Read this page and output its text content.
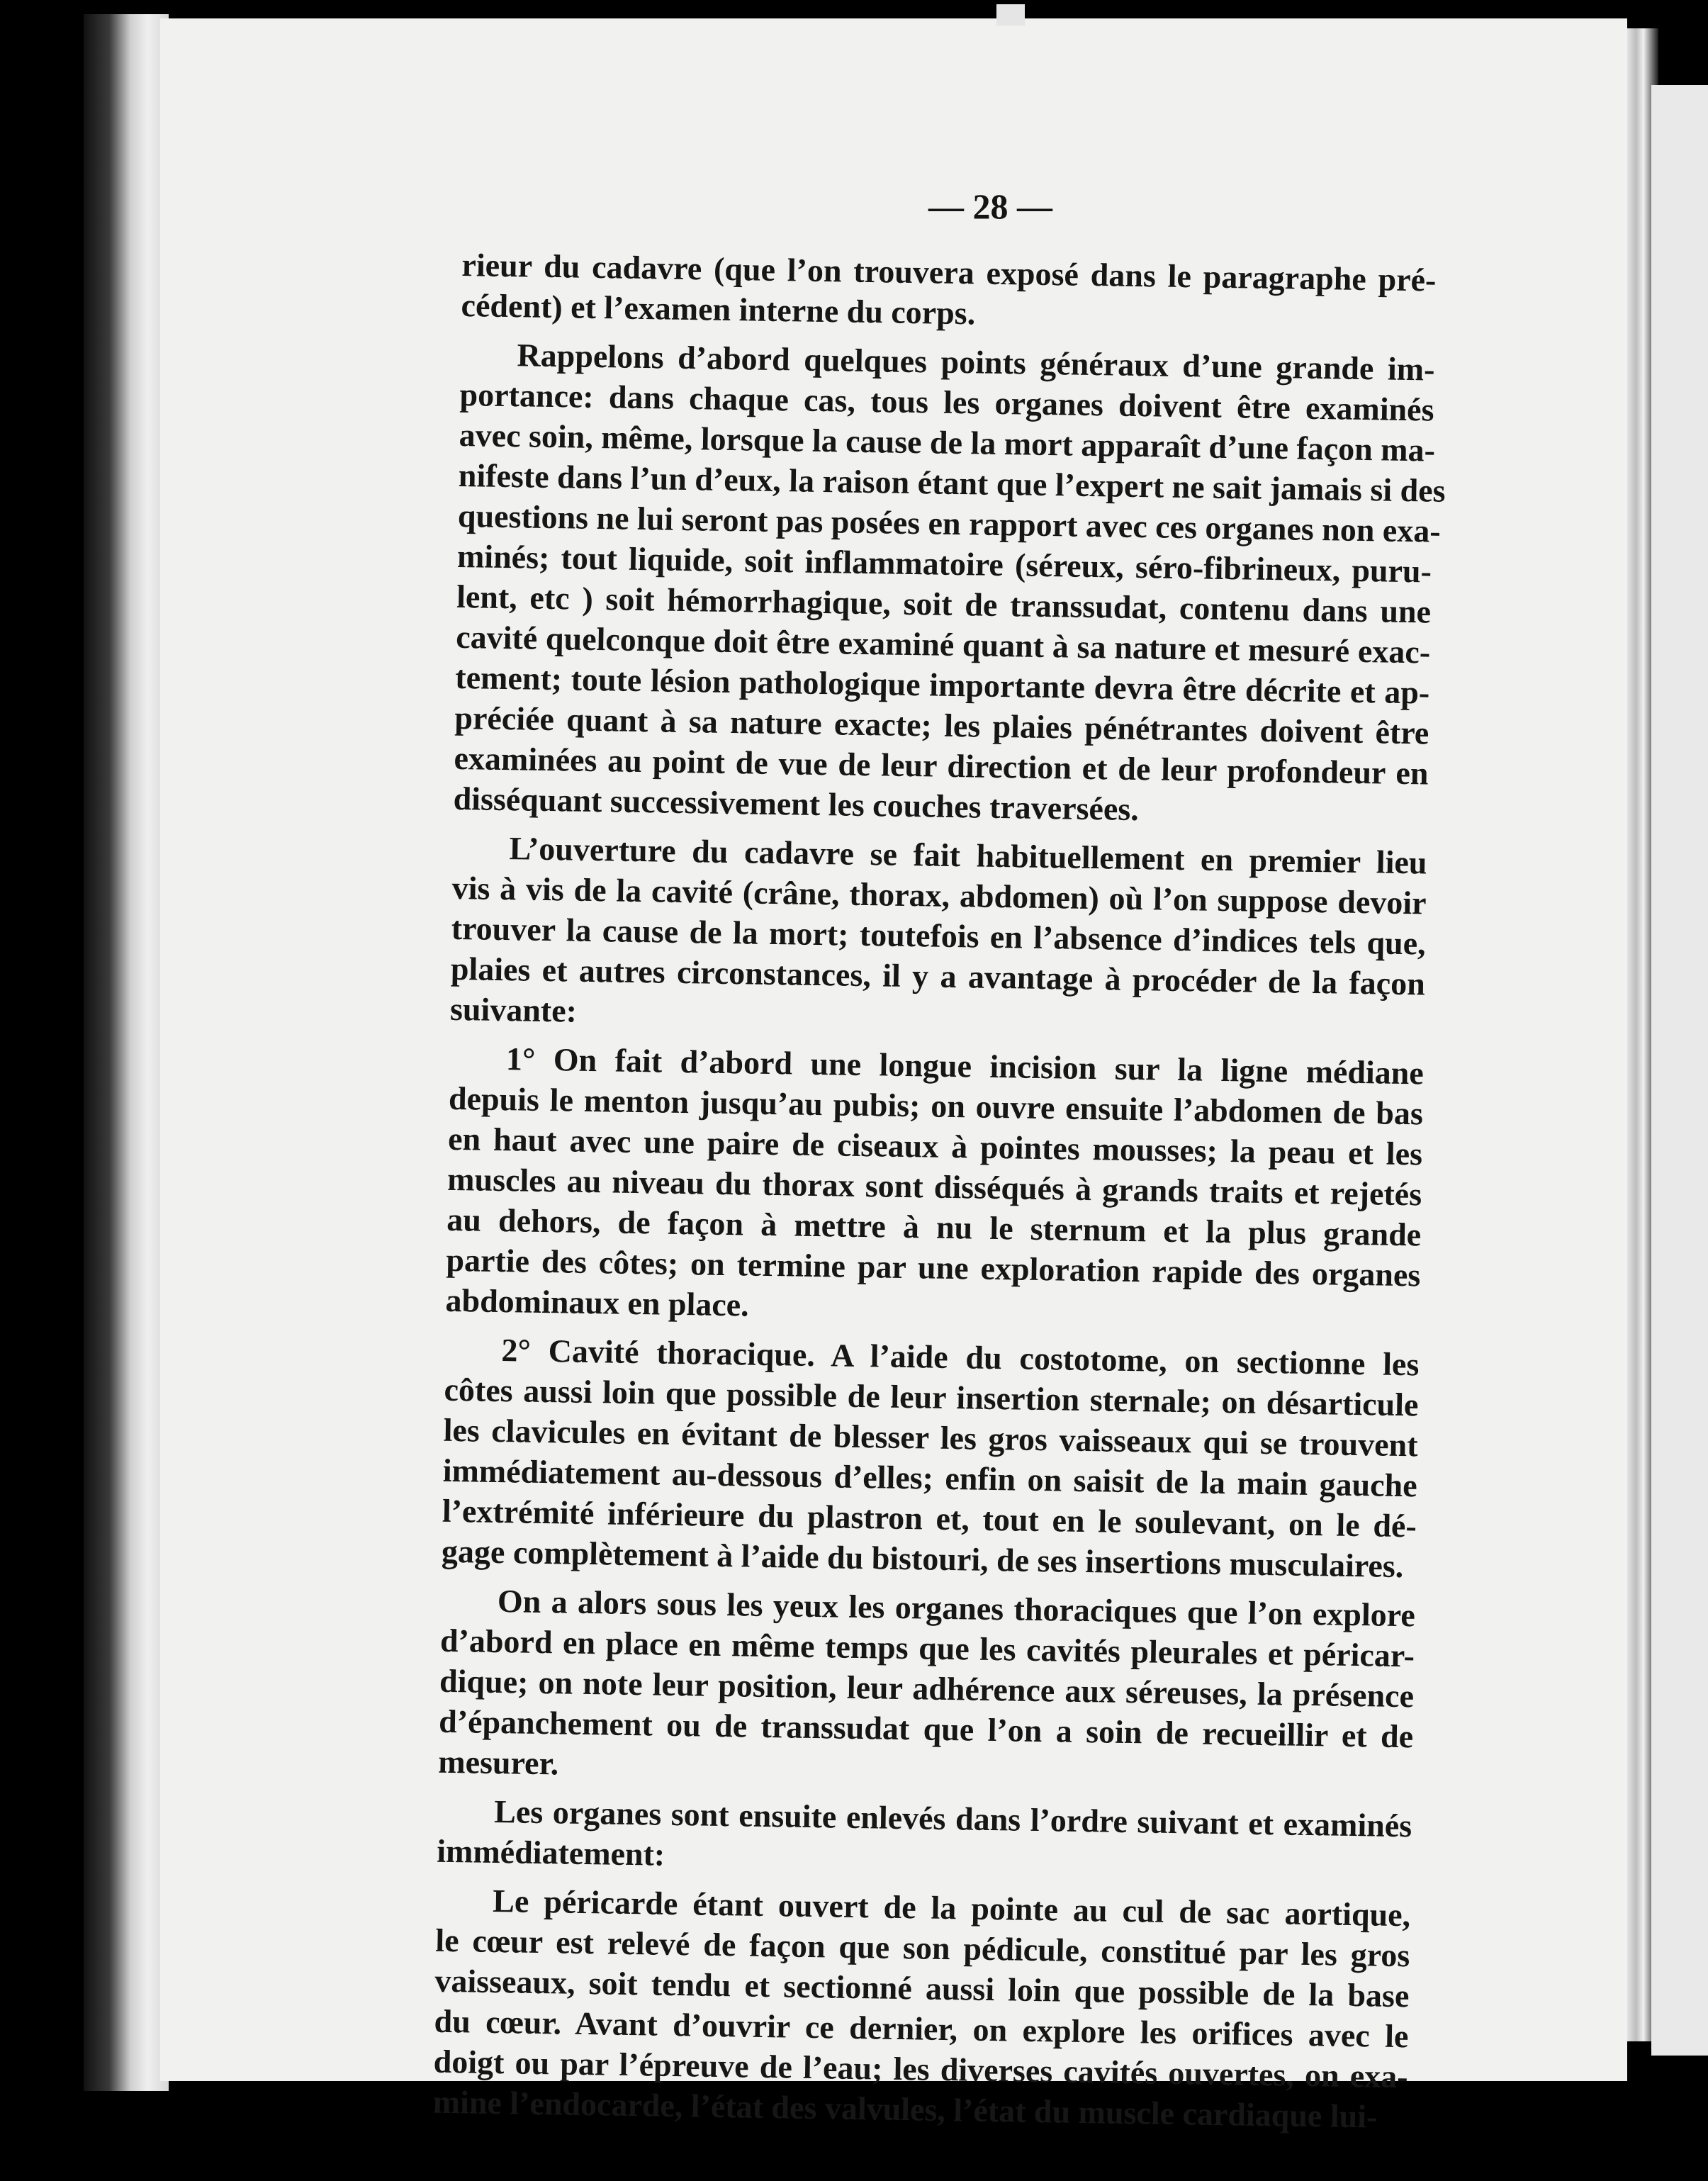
— 28 —
rieur du cadavre (que l’on trouvera exposé dans le paragraphe pré-
cédent) et l’examen interne du corps.
Rappelons d’abord quelques points généraux d’une grande im-
portance: dans chaque cas, tous les organes doivent être examinés
avec soin, même, lorsque la cause de la mort apparaît d’une façon ma-
nifeste dans l’un d’eux, la raison étant que l’expert ne sait jamais si des
questions ne lui seront pas posées en rapport avec ces organes non exa-
minés; tout liquide, soit inflammatoire (séreux, séro-fibrineux, puru-
lent, etc ) soit hémorrhagique, soit de transsudat, contenu dans une
cavité quelconque doit être examiné quant à sa nature et mesuré exac-
tement; toute lésion pathologique importante devra être décrite et ap-
préciée quant à sa nature exacte; les plaies pénétrantes doivent être
examinées au point de vue de leur direction et de leur profondeur en
disséquant successivement les couches traversées.
L’ouverture du cadavre se fait habituellement en premier lieu
vis à vis de la cavité (crâne, thorax, abdomen) où l’on suppose devoir
trouver la cause de la mort; toutefois en l’absence d’indices tels que,
plaies et autres circonstances, il y a avantage à procéder de la façon
suivante:
1° On fait d’abord une longue incision sur la ligne médiane
depuis le menton jusqu’au pubis; on ouvre ensuite l’abdomen de bas
en haut avec une paire de ciseaux à pointes mousses; la peau et les
muscles au niveau du thorax sont disséqués à grands traits et rejetés
au dehors, de façon à mettre à nu le sternum et la plus grande
partie des côtes; on termine par une exploration rapide des organes
abdominaux en place.
2° Cavité thoracique. A l’aide du costotome, on sectionne les
côtes aussi loin que possible de leur insertion sternale; on désarticule
les clavicules en évitant de blesser les gros vaisseaux qui se trouvent
immédiatement au-dessous d’elles; enfin on saisit de la main gauche
l’extrémité inférieure du plastron et, tout en le soulevant, on le dé-
gage complètement à l’aide du bistouri, de ses insertions musculaires.
On a alors sous les yeux les organes thoraciques que l’on explore
d’abord en place en même temps que les cavités pleurales et péricar-
dique; on note leur position, leur adhérence aux séreuses, la présence
d’épanchement ou de transsudat que l’on a soin de recueillir et de
mesurer.
Les organes sont ensuite enlevés dans l’ordre suivant et examinés
immédiatement:
Le péricarde étant ouvert de la pointe au cul de sac aortique,
le cœur est relevé de façon que son pédicule, constitué par les gros
vaisseaux, soit tendu et sectionné aussi loin que possible de la base
du cœur. Avant d’ouvrir ce dernier, on explore les orifices avec le
doigt ou par l’épreuve de l’eau; les diverses cavités ouvertes, on exa-
mine l’endocarde, l’état des valvules, l’état du muscle cardiaque lui-
